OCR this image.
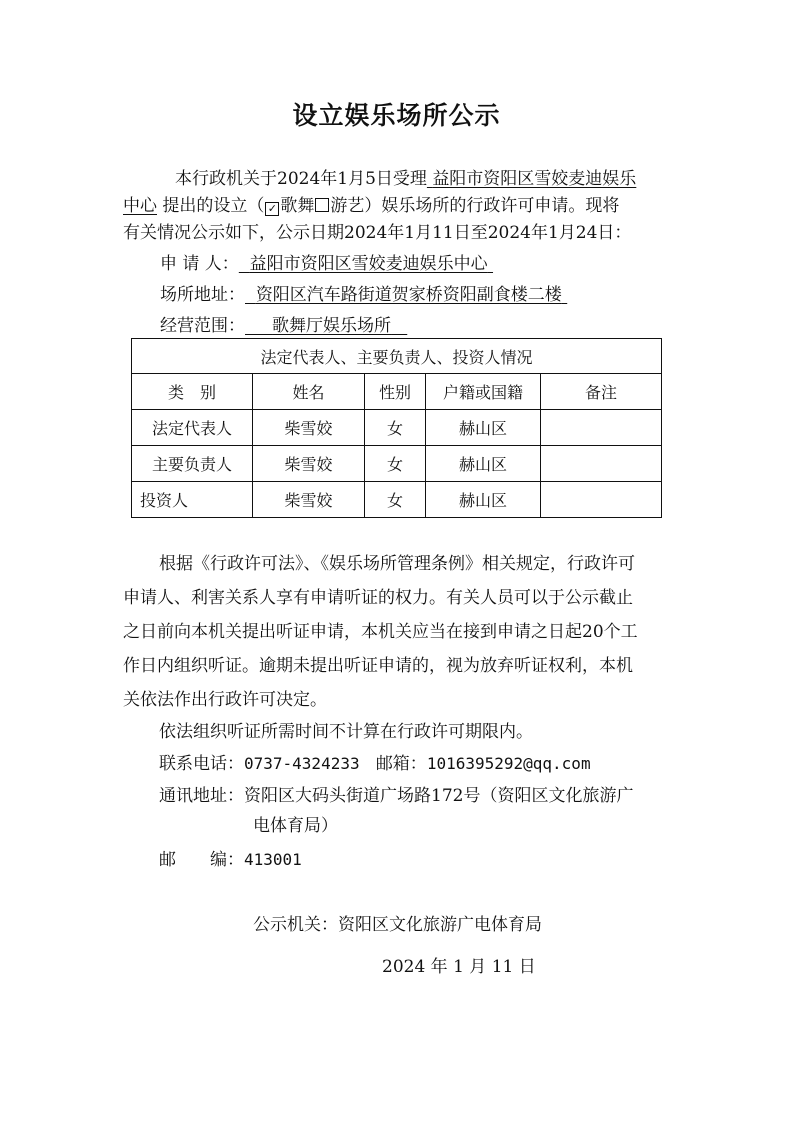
设立娱乐场所公示
本行政机关于2024年1月5日受理 益阳市资阳区雪姣麦迪娱乐
中心 提出的设立（ ✓ 歌舞 游艺）娱乐场所的行政许可申请。现将
有关情况公示如下，公示日期2024年1月11日至2024年1月24日：
申 请 人： 益阳市资阳区雪姣麦迪娱乐中心
场所地址： 资阳区汽车路街道贺家桥资阳副食楼二楼
经营范围： 歌舞厅娱乐场所
法定代表人、主要负责人、投资人情况				
类　别	姓名	性别	户籍或国籍	备注
法定代表人	柴雪姣	女	赫山区	
主要负责人	柴雪姣	女	赫山区	
投资人	柴雪姣	女	赫山区	
根据《行政许可法》、《娱乐场所管理条例》相关规定，行政许可
申请人、利害关系人享有申请听证的权力。有关人员可以于公示截止
之日前向本机关提出听证申请，本机关应当在接到申请之日起20个工
作日内组织听证。逾期未提出听证申请的，视为放弃听证权利，本机
关依法作出行政许可决定。
依法组织听证所需时间不计算在行政许可期限内。
联系电话：0737-4324233 邮箱：1016395292@qq.com
通讯地址：资阳区大码头街道广场路172号（资阳区文化旅游广
电体育局）
邮　　编：413001
公示机关：资阳区文化旅游广电体育局
2024 年 1 月 11 日
